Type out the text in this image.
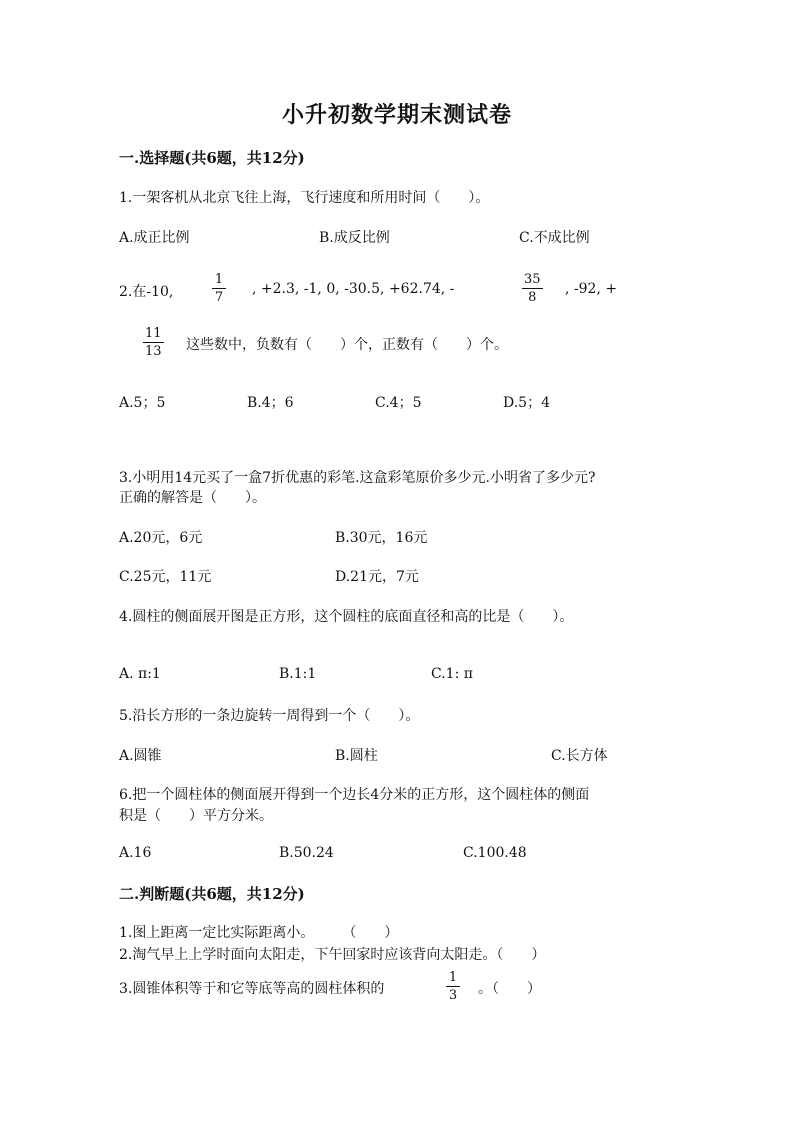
小升初数学期末测试卷
一.选择题(共6题，共12分)
1.一架客机从北京飞往上海，飞行速度和所用时间（　　）。
A.成正比例	B.成反比例	C.不成比例
2.在-10,
1
7
, +2.3, -1, 0, -30.5, +62.74, -
35
8
, -92, +
11
13 这些数中，负数有（　　）个，正数有（　　）个。
A.5；5	B.4；6	C.4；5	D.5；4
3.小明用14元买了一盒7折优惠的彩笔.这盒彩笔原价多少元.小明省了多少元?
正确的解答是（　　）。
A.20元，6元	B.30元，16元
C.25元，11元	D.21元，7元
4.圆柱的侧面展开图是正方形，这个圆柱的底面直径和高的比是（　　）。
A. π:1	B.1:1	C.1: π
5.沿长方形的一条边旋转一周得到一个（　　）。
A.圆锥	B.圆柱	C.长方体
6.把一个圆柱体的侧面展开得到一个边长4分米的正方形，这个圆柱体的侧面
积是（　　）平方分米。
A.16	B.50.24	C.100.48
二.判断题(共6题，共12分)
1.图上距离一定比实际距离小。　　　（　　）
2.淘气早上上学时面向太阳走，下午回家时应该背向太阳走。（　　）
3.圆锥体积等于和它等底等高的圆柱体积的
1
3 。（　　）
